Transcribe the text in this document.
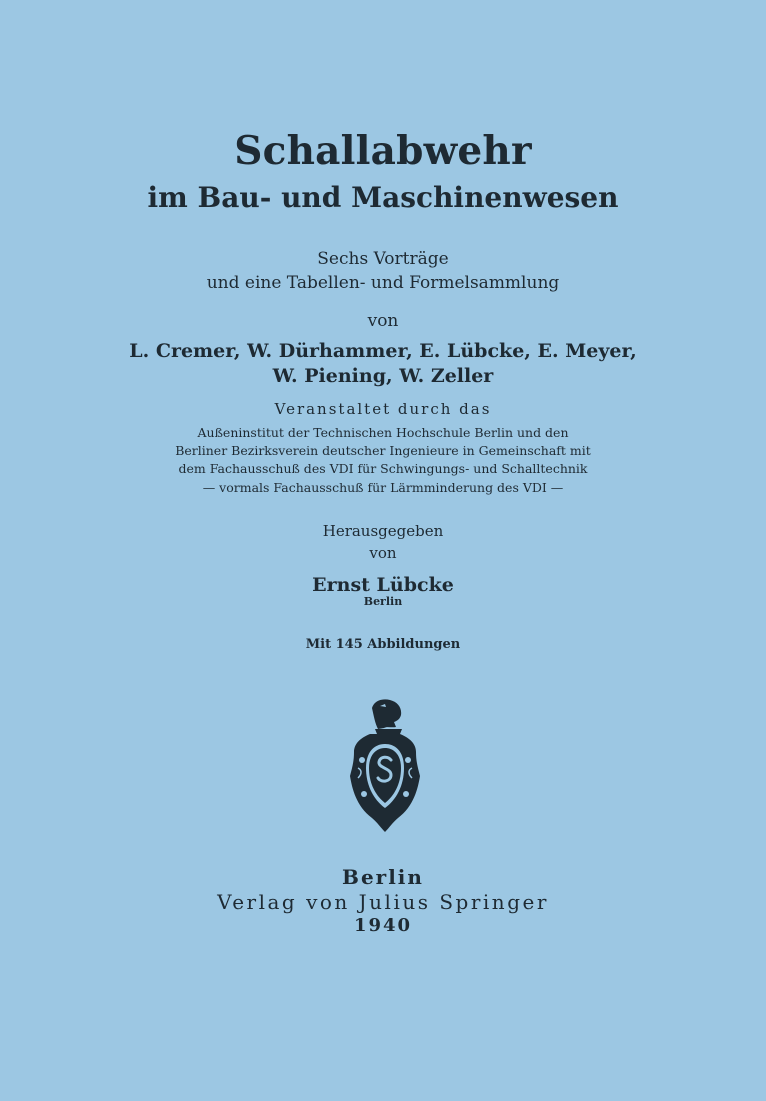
Schallabwehr
im Bau- und Maschinenwesen
Sechs Vorträge
und eine Tabellen- und Formelsammlung
von
L. Cremer, W. Dürhammer, E. Lübcke, E. Meyer,
W. Piening, W. Zeller
Veranstaltet durch das
Außeninstitut der Technischen Hochschule Berlin und den
Berliner Bezirksverein deutscher Ingenieure in Gemeinschaft mit
dem Fachausschuß des VDI für Schwingungs- und Schalltechnik
— vormals Fachausschuß für Lärmminderung des VDI —
Herausgegeben
von
Ernst Lübcke
Berlin
Mit 145 Abbildungen
Berlin
Verlag von Julius Springer
1940
